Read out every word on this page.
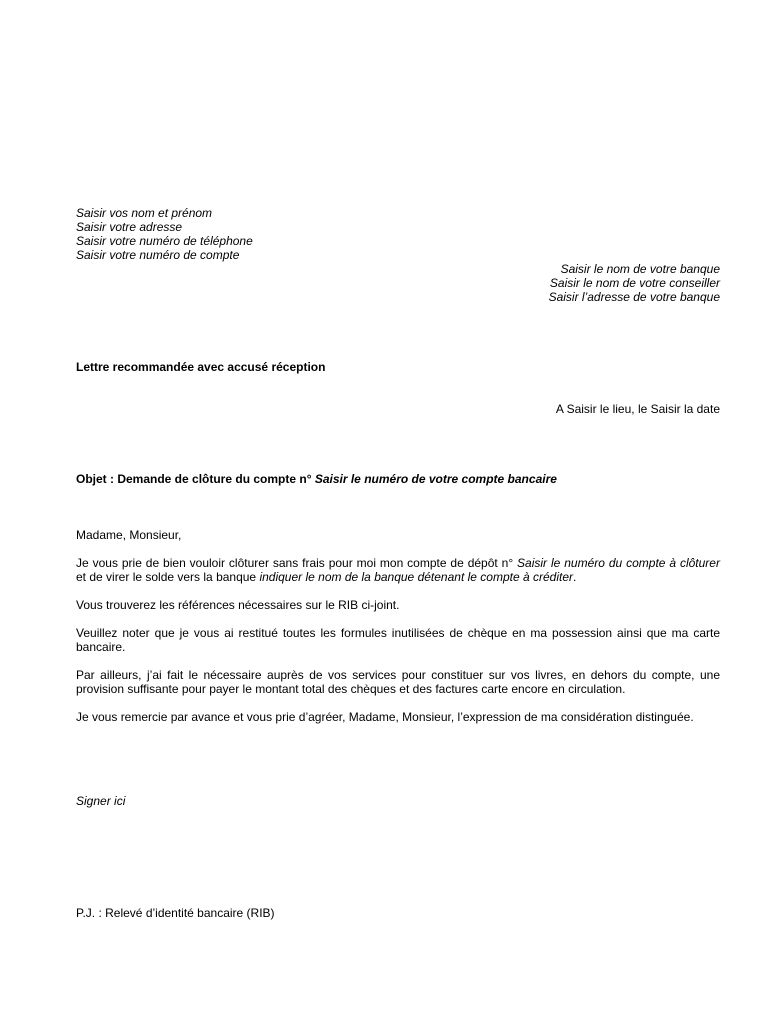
Saisir vos nom et prénom
Saisir votre adresse
Saisir votre numéro de téléphone
Saisir votre numéro de compte
Saisir le nom de votre banque
Saisir le nom de votre conseiller
Saisir l’adresse de votre banque
Lettre recommandée avec accusé réception
A Saisir le lieu, le Saisir la date
Objet : Demande de clôture du compte n° Saisir le numéro de votre compte bancaire

Madame, Monsieur,

Je vous prie de bien vouloir clôturer sans frais pour moi mon compte de dépôt n° Saisir le numéro du compte à clôturer et de virer le solde vers la banque indiquer le nom de la banque détenant le compte à créditer.

Vous trouverez les références nécessaires sur le RIB ci-joint.

Veuillez noter que je vous ai restitué toutes les formules inutilisées de chèque en ma possession ainsi que ma carte bancaire.

Par ailleurs, j’ai fait le nécessaire auprès de vos services pour constituer sur vos livres, en dehors du compte, une provision suffisante pour payer le montant total des chèques et des factures carte encore en circulation.

Je vous remercie par avance et vous prie d’agréer, Madame, Monsieur, l’expression de ma considération distinguée.

Signer ici
P.J. : Relevé d’identité bancaire (RIB)
